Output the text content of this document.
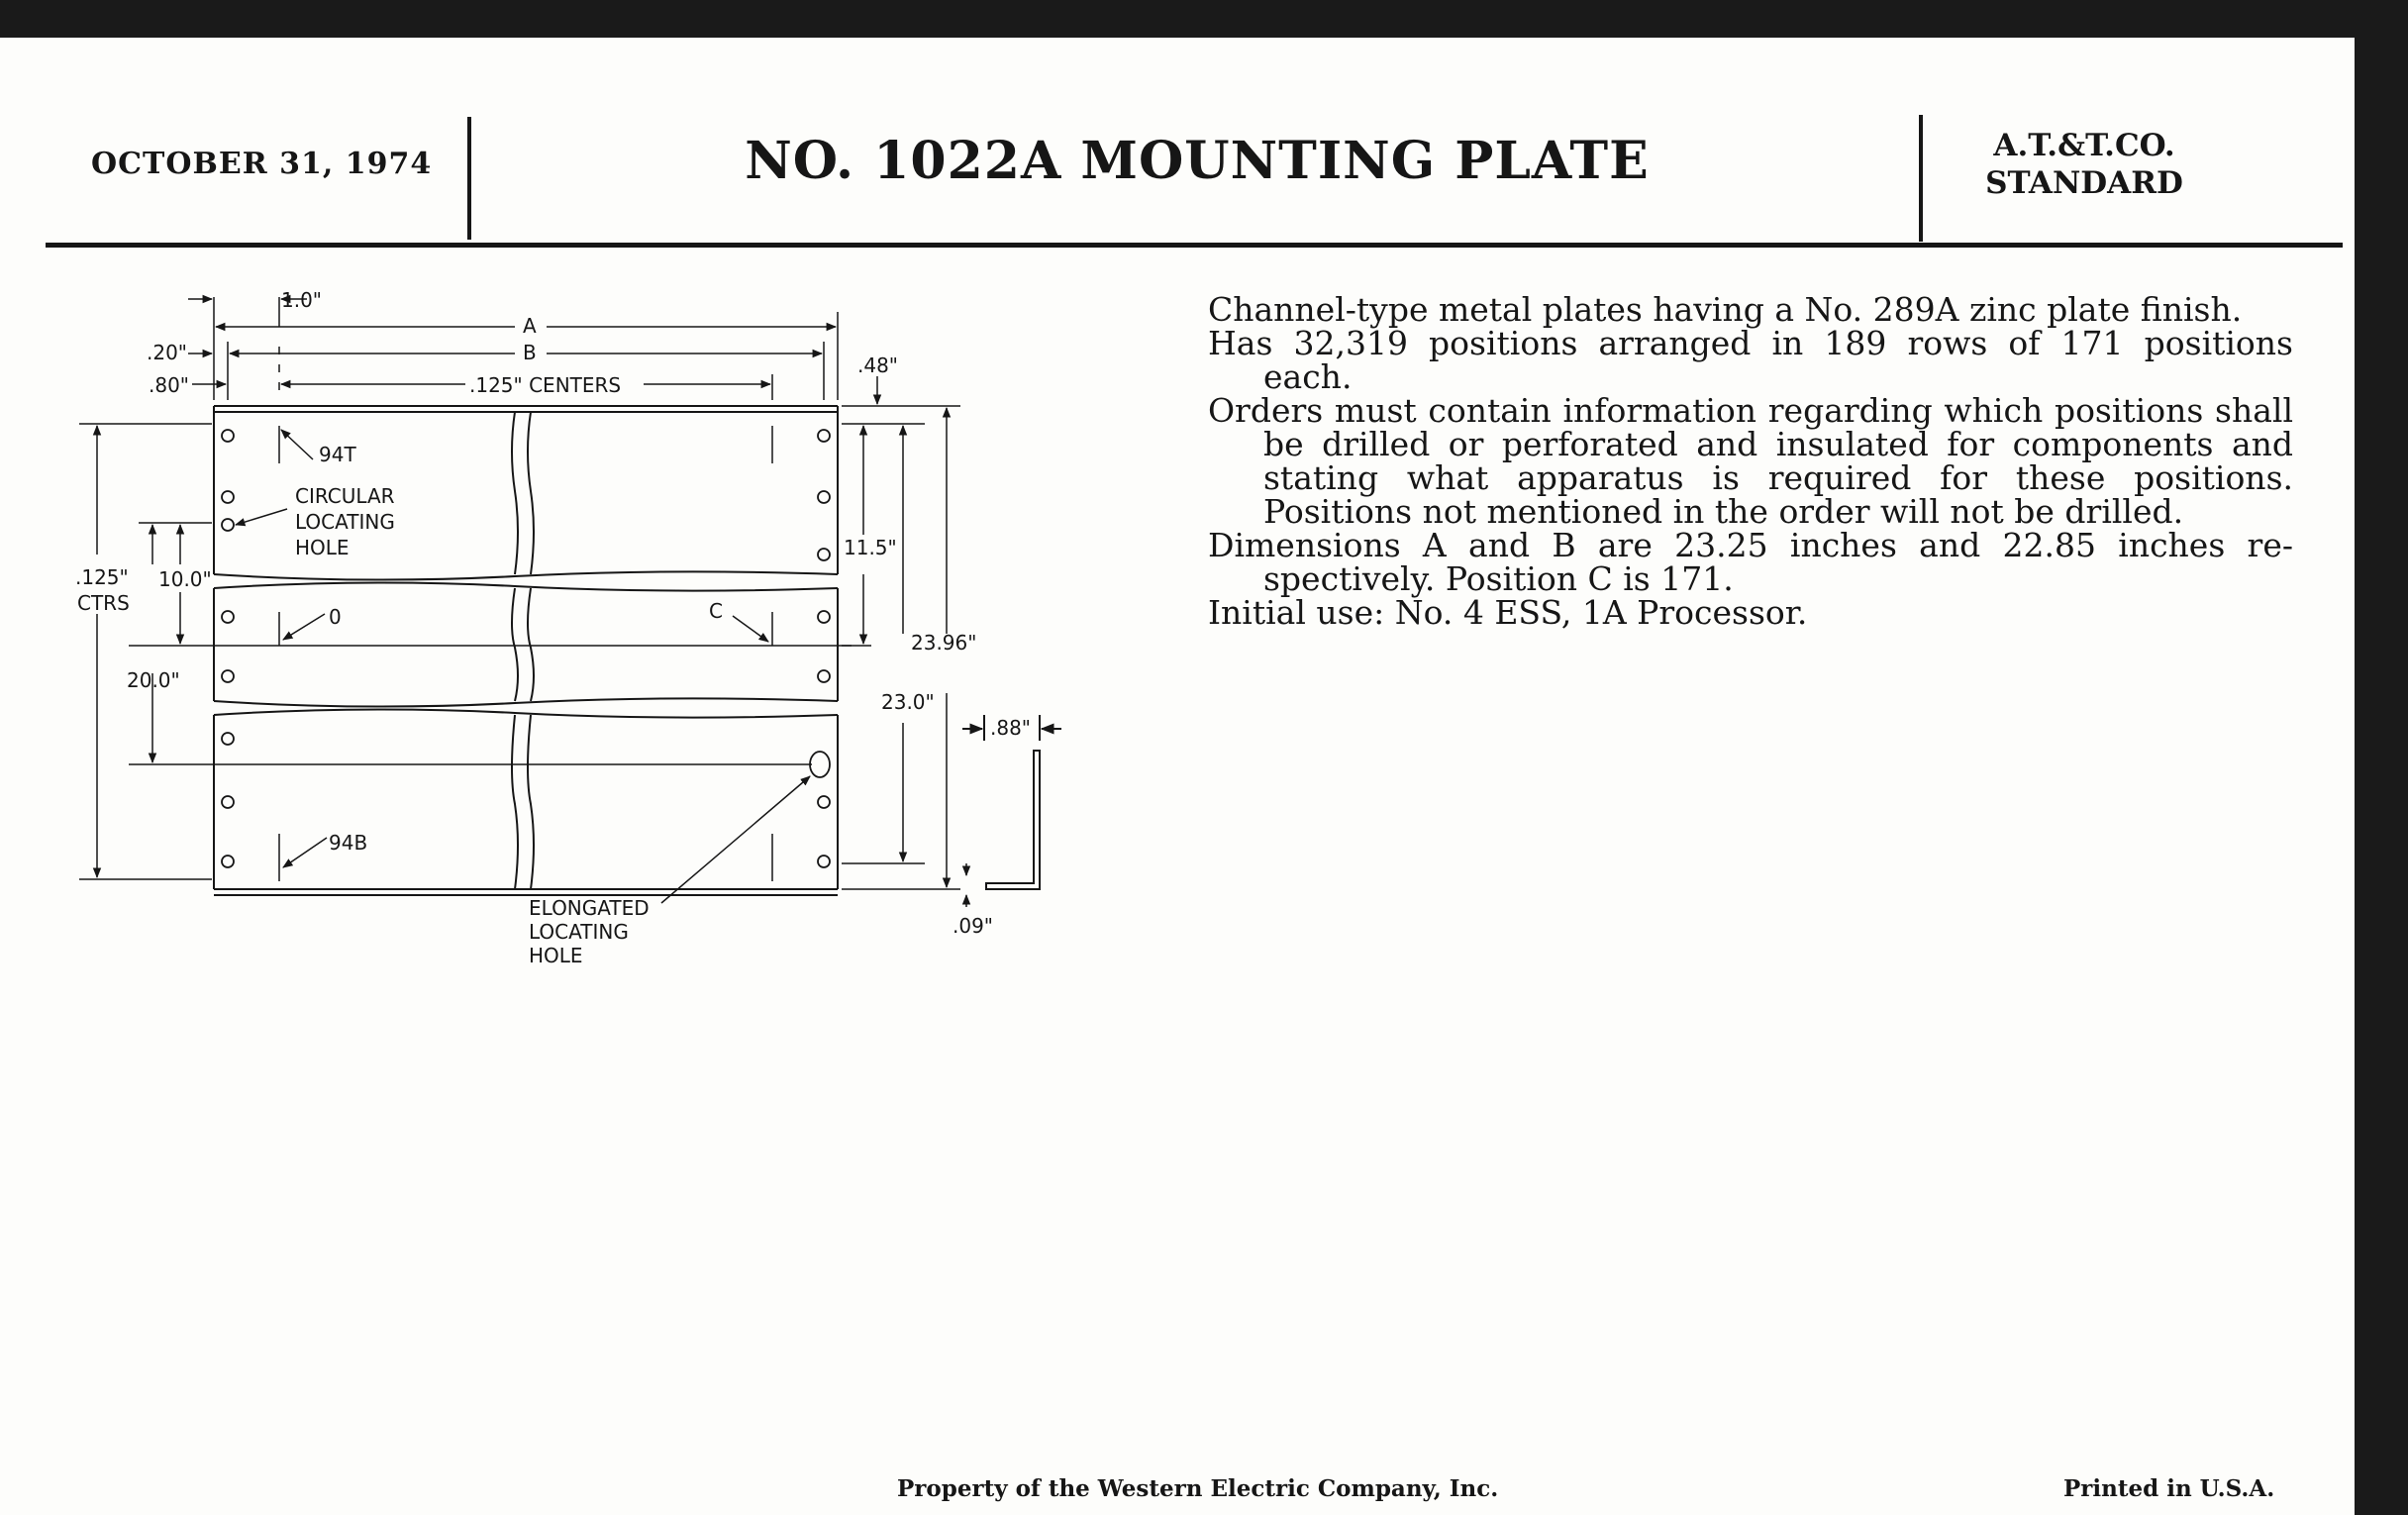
OCTOBER 31, 1974	NO. 1022A MOUNTING PLATE	A.T.&T.CO.
STANDARD
1.0"
A
B
.20"
.80"	.125" CENTERS
.48"
94T
CIRCULAR
LOCATING
HOLE
.125"
CTRS
10.0"
20.0"
0	C
11.5"
23.96"
23.0"
.88"
.09"
94B
ELONGATED
LOCATING
HOLE

Channel-type metal plates having a No. 289A zinc plate finish.

Has 32,319 positions arranged in 189 rows of 171 positions each.

Orders must contain information regarding which positions shall be drilled or perforated and insulated for components and stating what apparatus is required for these positions. Positions not mentioned in the order will not be drilled.

Dimensions A and B are 23.25 inches and 22.85 inches re-spectively. Position C is 171.

Initial use: No. 4 ESS, 1A Processor.

Property of the Western Electric Company, Inc.	Printed in U.S.A.
